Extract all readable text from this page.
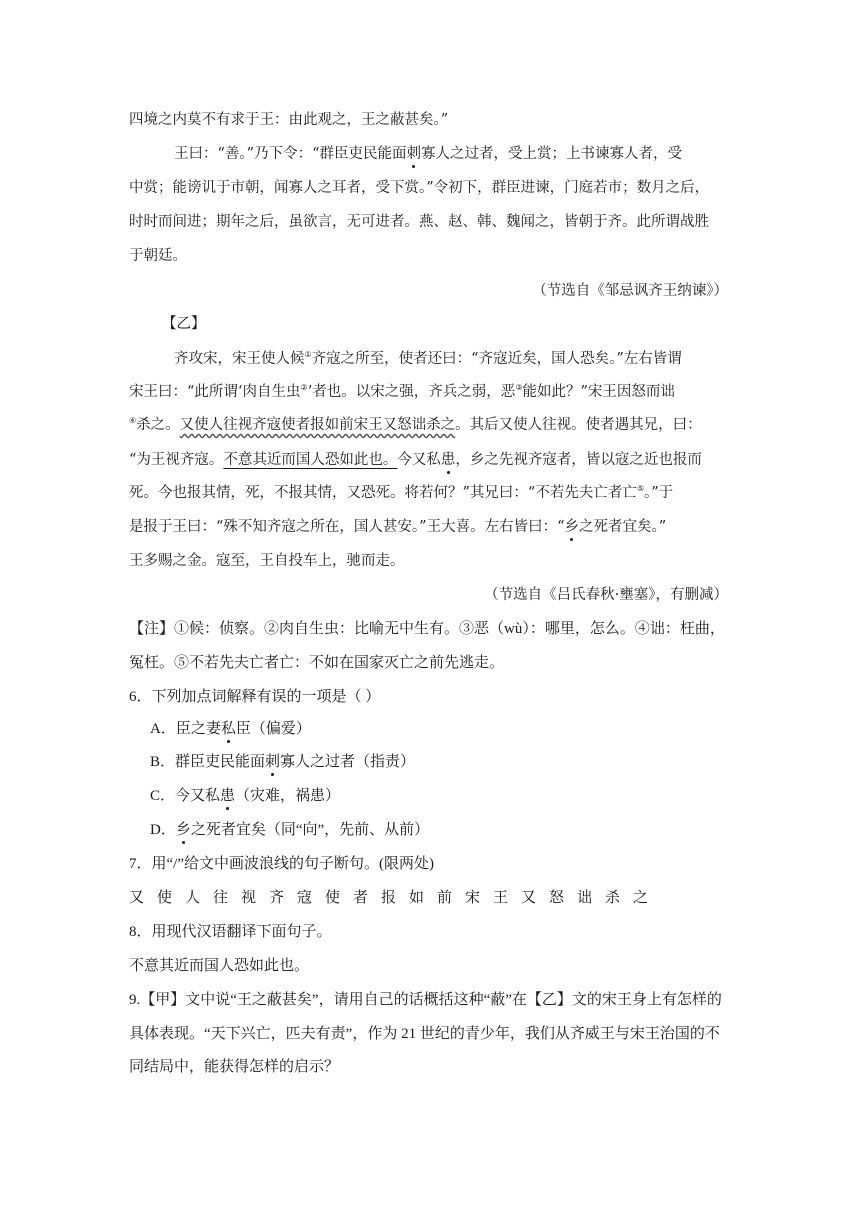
四境之内莫不有求于王：由此观之，王之蔽甚矣。”
王曰：“善。”乃下令：“群臣吏民能面刺寡人之过者，受上赏；上书谏寡人者，受
中赏；能谤讥于市朝，闻寡人之耳者，受下赏。”令初下，群臣进谏，门庭若市；数月之后，
时时而间进；期年之后，虽欲言，无可进者。燕、赵、韩、魏闻之，皆朝于齐。此所谓战胜
于朝廷。
（节选自《邹忌讽齐王纳谏》）
【乙】
齐攻宋，宋王使人候①齐寇之所至，使者还曰：“齐寇近矣，国人恐矣。”左右皆谓
宋王曰：“此所谓‘肉自生虫②’者也。以宋之强，齐兵之弱，恶③能如此？”宋王因怒而诎
④杀之。又使人往视齐寇使者报如前宋王又怒诎杀之。其后又使人往视。使者遇其兄，曰：
“为王视齐寇。不意其近而国人恐如此也。今又私患，乡之先视齐寇者，皆以寇之近也报而
死。今也报其情，死，不报其情，又恐死。将若何？”其兄曰：“不若先夫亡者亡⑤。”于
是报于王曰：“殊不知齐寇之所在，国人甚安。”王大喜。左右皆曰：“乡之死者宜矣。”
王多赐之金。寇至，王自投车上，驰而走。
（节选自《吕氏春秋·壅塞》，有删减）
【注】①候：侦察。②肉自生虫：比喻无中生有。③恶（wù）：哪里，怎么。④诎：枉曲，
冤枉。⑤不若先夫亡者亡：不如在国家灭亡之前先逃走。
6．下列加点词解释有误的一项是（ ）
A．臣之妻私臣（偏爱）
B．群臣吏民能面刺寡人之过者（指责）
C．今又私患（灾难，祸患）
D．乡之死者宜矣（同“向”，先前、从前）
7．用“/”给文中画波浪线的句子断句。(限两处)
又使人往视齐寇使者报如前宋王又怒诎杀之
8．用现代汉语翻译下面句子。
不意其近而国人恐如此也。
9.【甲】文中说“王之蔽甚矣”，请用自己的话概括这种“蔽”在【乙】文的宋王身上有怎样的
具体表现。“天下兴亡，匹夫有责”，作为 21 世纪的青少年，我们从齐威王与宋王治国的不
同结局中，能获得怎样的启示？
